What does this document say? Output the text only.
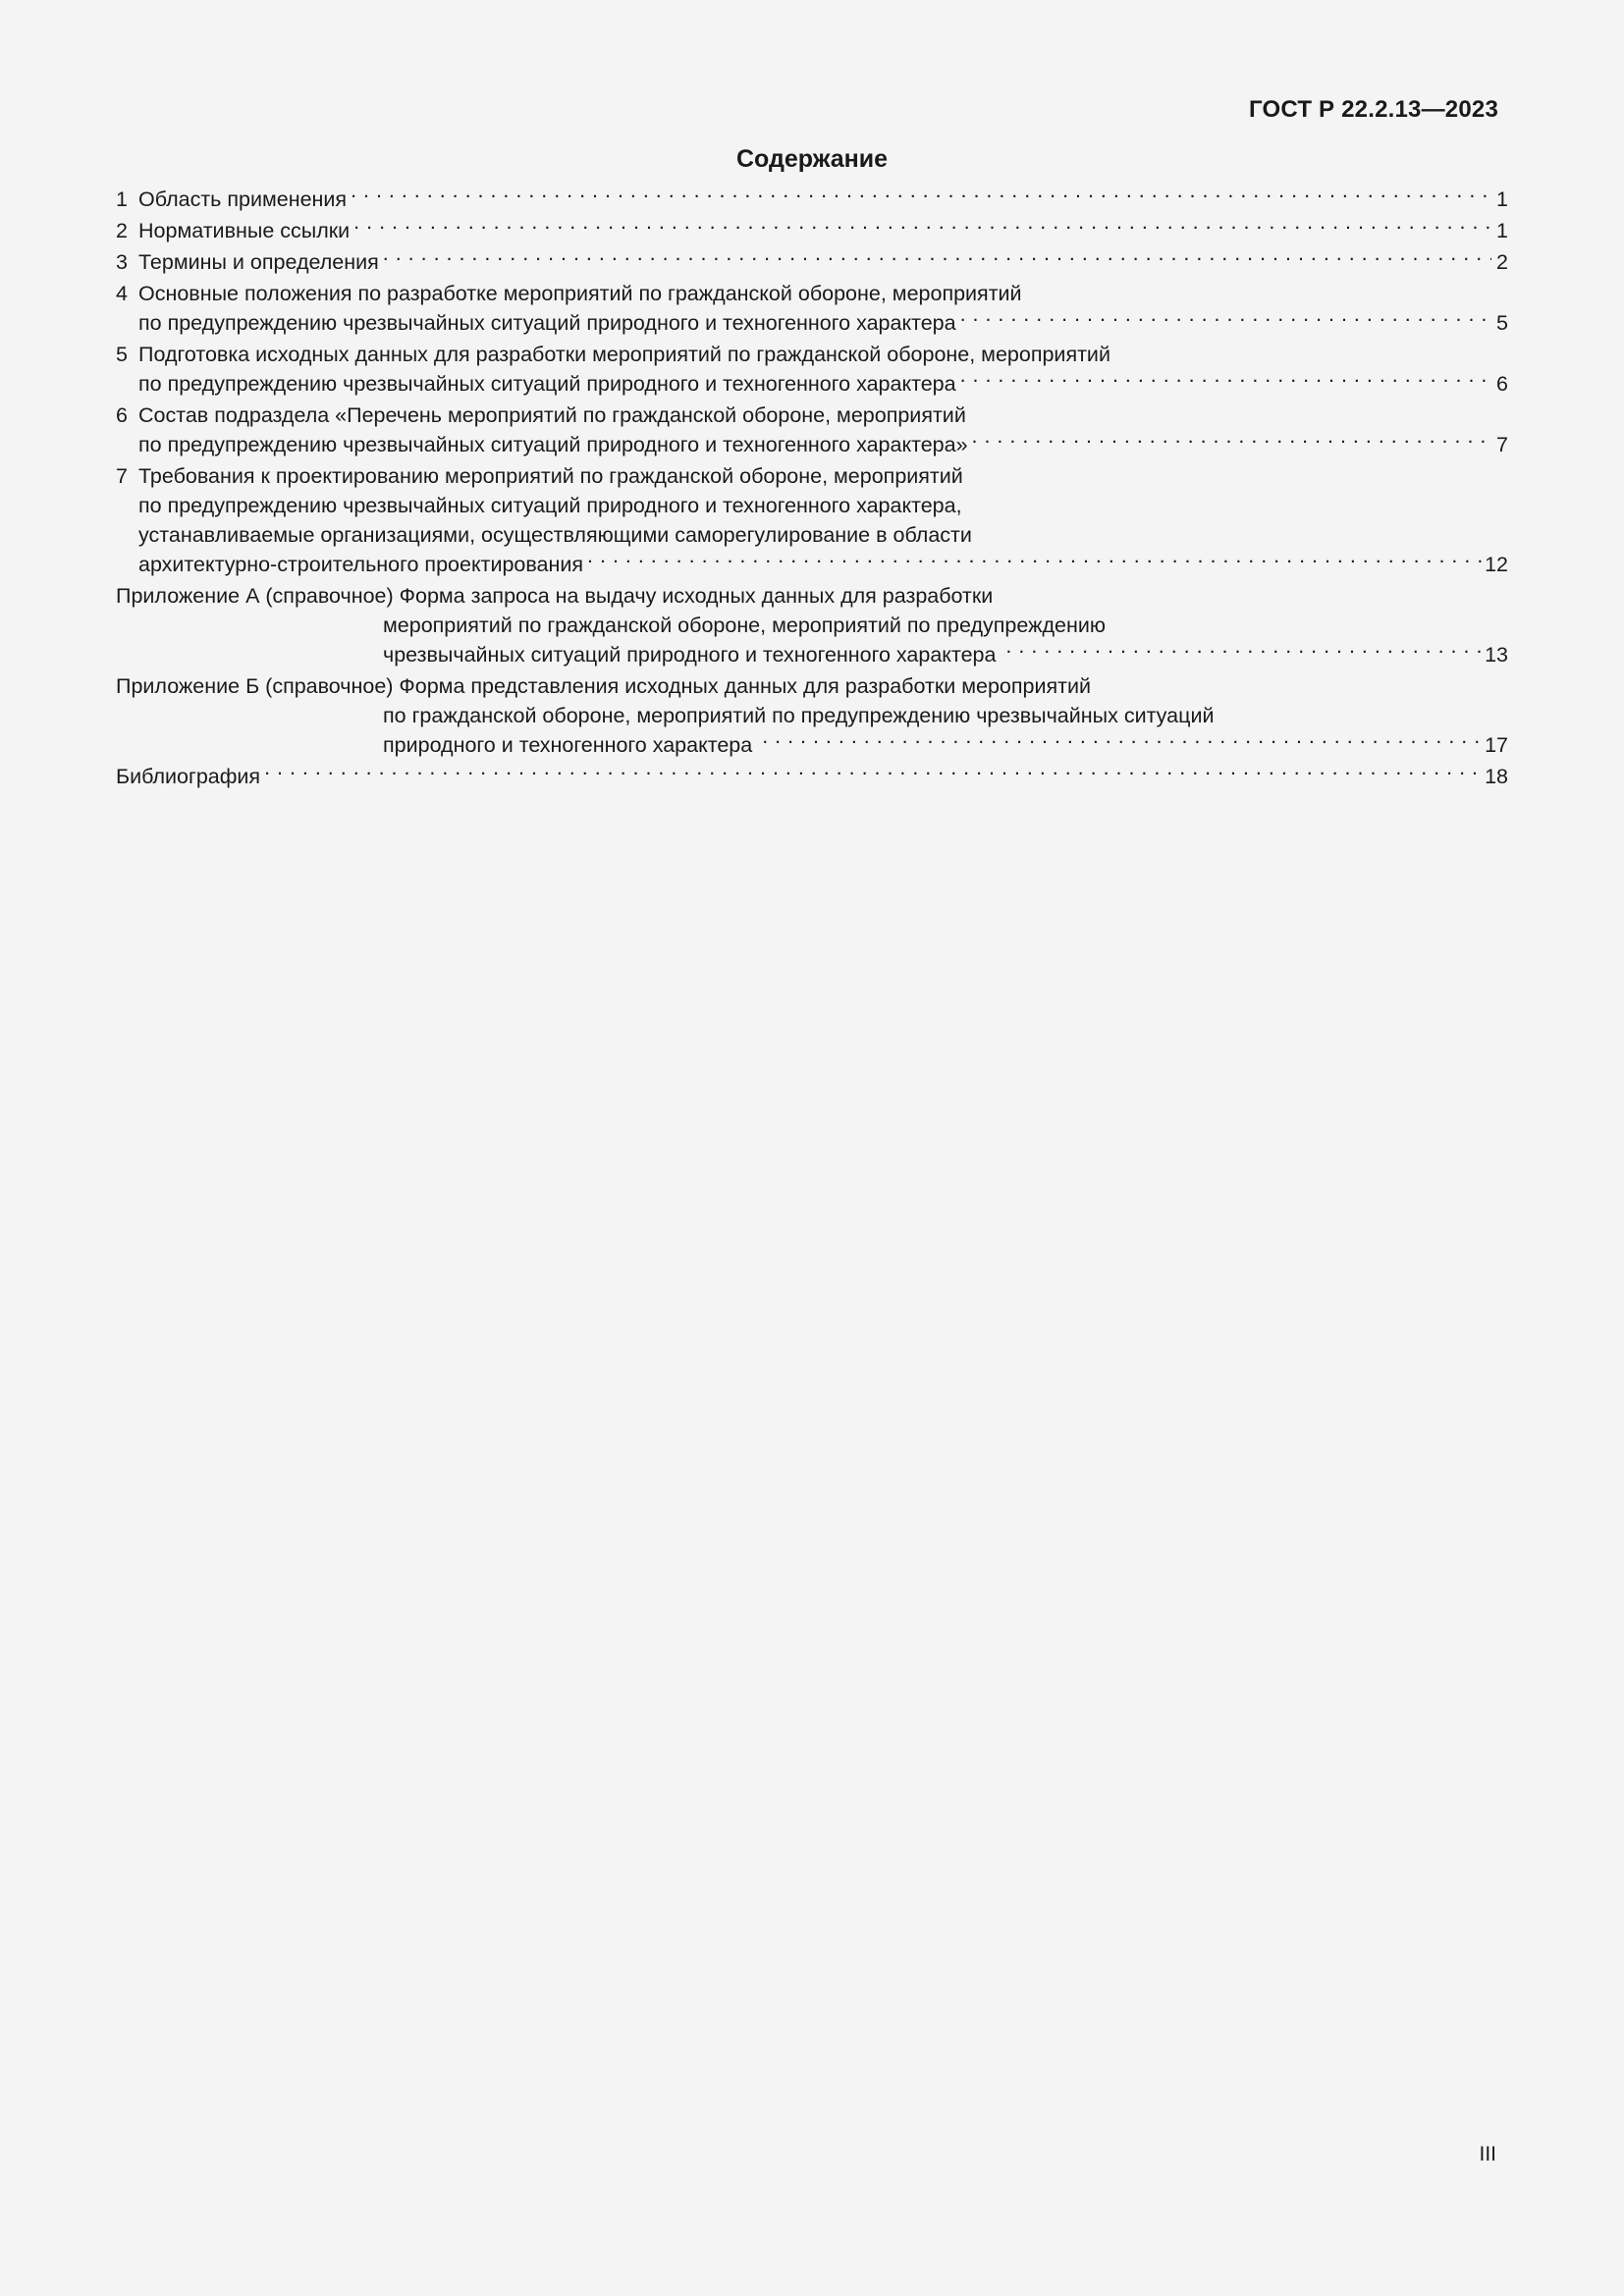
ГОСТ Р 22.2.13—2023
Содержание
1 Область применения . . .	1
2 Нормативные ссылки . . .	1
3 Термины и определения . . .	2
4 Основные положения по разработке мероприятий по гражданской обороне, мероприятий
по предупреждению чрезвычайных ситуаций природного и техногенного характера . . .	5
5 Подготовка исходных данных для разработки мероприятий по гражданской обороне, мероприятий
по предупреждению чрезвычайных ситуаций природного и техногенного характера . . .	6
6 Состав подраздела «Перечень мероприятий по гражданской обороне, мероприятий
по предупреждению чрезвычайных ситуаций природного и техногенного характера» . . .	7
7 Требования к проектированию мероприятий по гражданской обороне, мероприятий
по предупреждению чрезвычайных ситуаций природного и техногенного характера,
устанавливаемые организациями, осуществляющими саморегулирование в области
архитектурно-строительного проектирования . . .	12
Приложение А (справочное) Форма запроса на выдачу исходных данных для разработки
мероприятий по гражданской обороне, мероприятий по предупреждению
чрезвычайных ситуаций природного и техногенного характера . . .	13
Приложение Б (справочное) Форма представления исходных данных для разработки мероприятий
по гражданской обороне, мероприятий по предупреждению чрезвычайных ситуаций
природного и техногенного характера . . .	17
Библиография . . .	18
III
